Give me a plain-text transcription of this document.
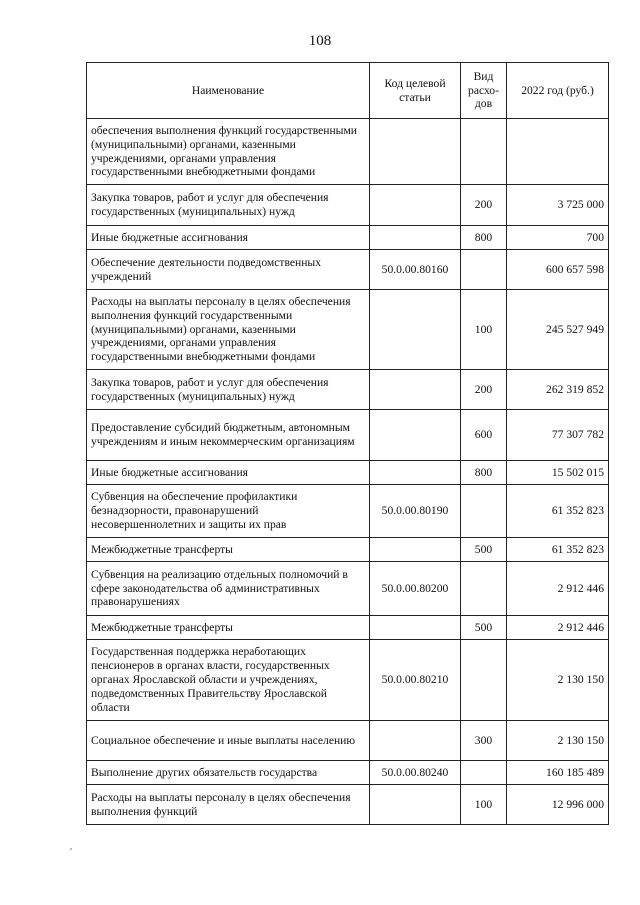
108
Наименование	Код целевой статьи	Вид расхо-дов	2022 год (руб.)
обеспечения выполнения функций государственными (муниципальными) органами, казенными учреждениями, органами управления государственными внебюджетными фондами			
Закупка товаров, работ и услуг для обеспечения государственных (муниципальных) нужд		200	3 725 000
Иные бюджетные ассигнования		800	700
Обеспечение деятельности подведомственных учреждений	50.0.00.80160		600 657 598
Расходы на выплаты персоналу в целях обеспечения выполнения функций государственными (муниципальными) органами, казенными учреждениями, органами управления государственными внебюджетными фондами		100	245 527 949
Закупка товаров, работ и услуг для обеспечения государственных (муниципальных) нужд		200	262 319 852
Предоставление субсидий бюджетным, автономным учреждениям и иным некоммерческим организациям		600	77 307 782
Иные бюджетные ассигнования		800	15 502 015
Субвенция на обеспечение профилактики безнадзорности, правонарушений несовершеннолетних и защиты их прав	50.0.00.80190		61 352 823
Межбюджетные трансферты		500	61 352 823
Субвенция на реализацию отдельных полномочий в сфере законодательства об административных правонарушениях	50.0.00.80200		2 912 446
Межбюджетные трансферты		500	2 912 446
Государственная поддержка неработающих пенсионеров в органах власти, государственных органах Ярославской области и учреждениях, подведомственных Правительству Ярославской области	50.0.00.80210		2 130 150
Социальное обеспечение и иные выплаты населению		300	2 130 150
Выполнение других обязательств государства	50.0.00.80240		160 185 489
Расходы на выплаты персоналу в целях обеспечения выполнения функций		100	12 996 000
